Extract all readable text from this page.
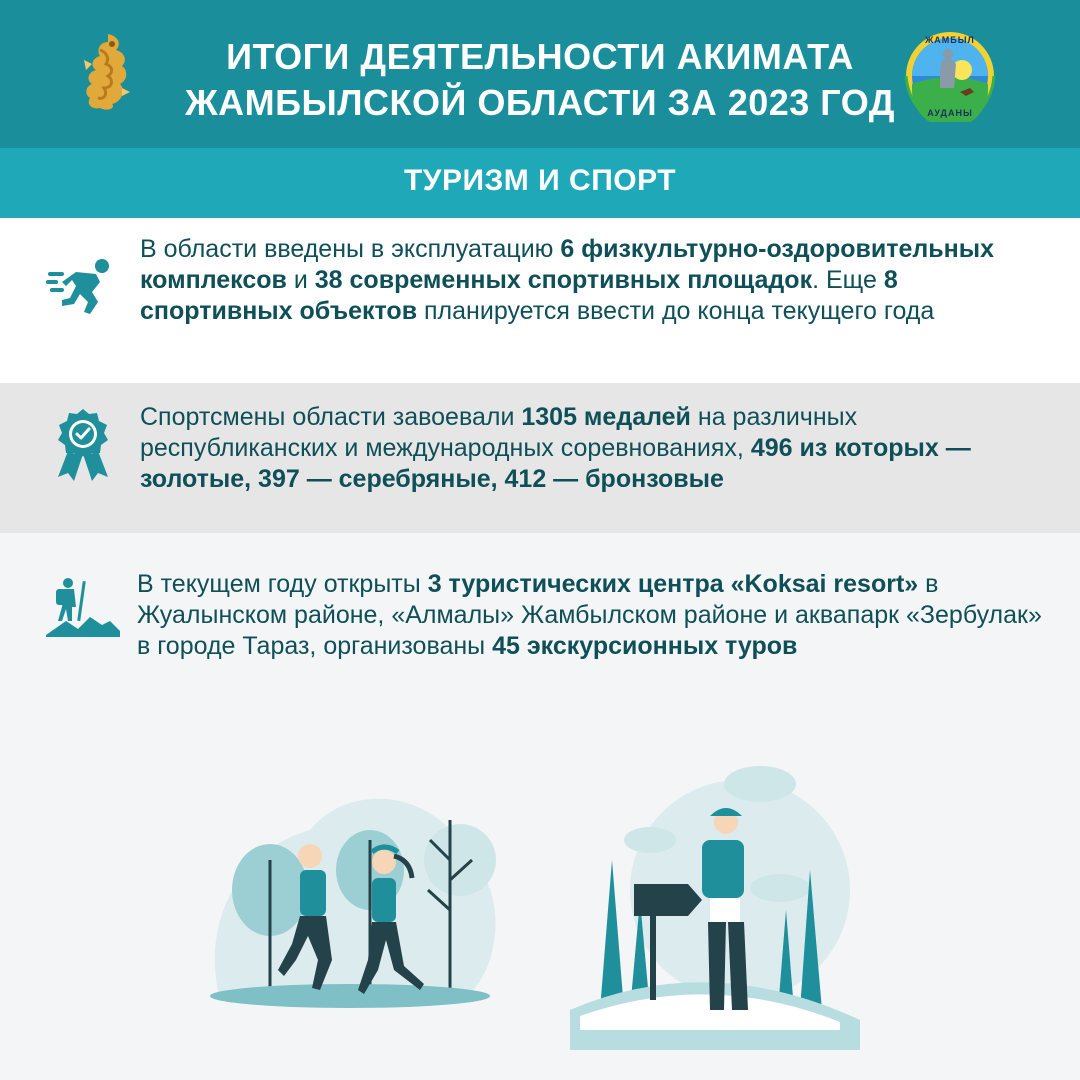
ИТОГИ ДЕЯТЕЛЬНОСТИ АКИМАТА
ЖАМБЫЛСКОЙ ОБЛАСТИ ЗА 2023 ГОД
ЖАМБЫЛ
АУДАНЫ
ТУРИЗМ И СПОРТ
В области введены в эксплуатацию 6 физкультурно-оздоровительных комплексов и 38 современных спортивных площадок. Еще 8 спортивных объектов планируется ввести до конца текущего года
Спортсмены области завоевали 1305 медалей на различных республиканских и международных соревнованиях, 496 из которых — золотые, 397 — серебряные, 412 — бронзовые
В текущем году открыты 3 туристических центра «Koksai resort» в Жуалынском районе, «Алмалы» Жамбылском районе и аквапарк «Зербулак» в городе Тараз, организованы 45 экскурсионных туров
